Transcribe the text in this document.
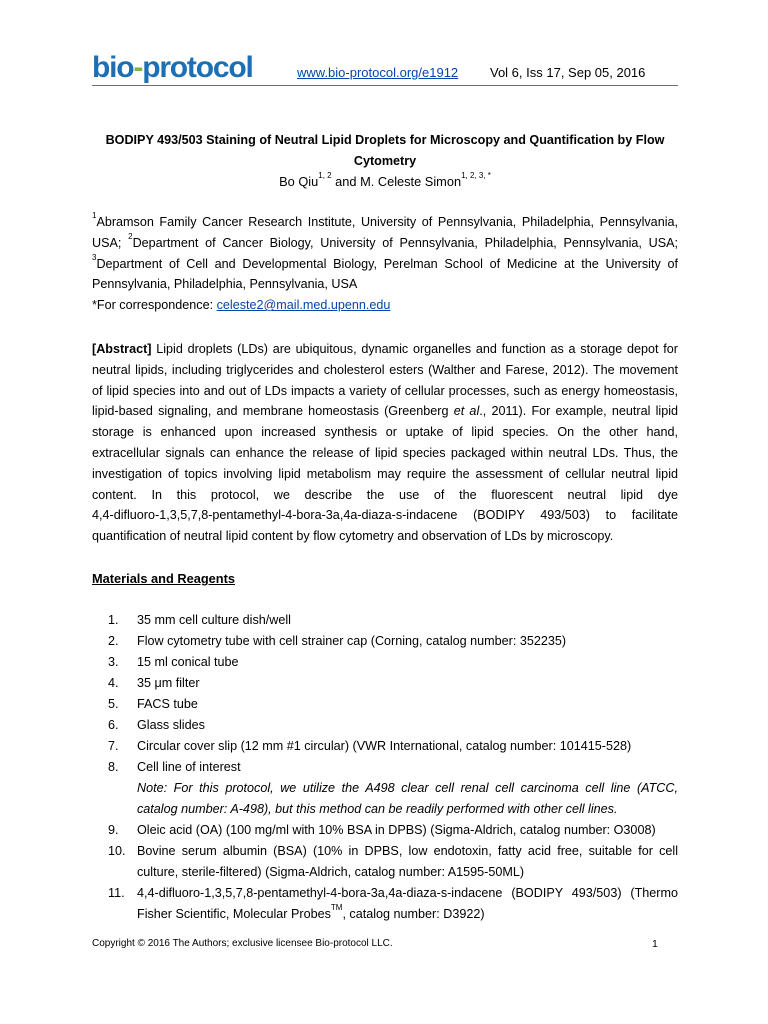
bio-protocol	www.bio-protocol.org/e1912 Vol 6, Iss 17, Sep 05, 2016
BODIPY 493/503 Staining of Neutral Lipid Droplets for Microscopy and Quantification by Flow
Cytometry
Bo Qiu$^{1, 2}$ and M. Celeste Simon$^{1, 2, 3, *}$
$^1$Abramson Family Cancer Research Institute, University of Pennsylvania, Philadelphia, Pennsylvania,
USA; $^2$Department of Cancer Biology, University of Pennsylvania, Philadelphia, Pennsylvania, USA;
$^3$Department of Cell and Developmental Biology, Perelman School of Medicine at the University of
Pennsylvania, Philadelphia, Pennsylvania, USA
*For correspondence: celeste2@mail.med.upenn.edu
[Abstract] Lipid droplets (LDs) are ubiquitous, dynamic organelles and function as a storage depot for
neutral lipids, including triglycerides and cholesterol esters (Walther and Farese, 2012). The movement
of lipid species into and out of LDs impacts a variety of cellular processes, such as energy homeostasis,
lipid-based signaling, and membrane homeostasis (Greenberg et al., 2011). For example, neutral lipid
storage is enhanced upon increased synthesis or uptake of lipid species. On the other hand,
extracellular signals can enhance the release of lipid species packaged within neutral LDs. Thus, the
investigation of topics involving lipid metabolism may require the assessment of cellular neutral lipid
content. In this protocol, we describe the use of the fluorescent neutral lipid dye
4,4-difluoro-1,3,5,7,8-pentamethyl-4-bora-3a,4a-diaza-s-indacene (BODIPY 493/503) to facilitate
quantification of neutral lipid content by flow cytometry and observation of LDs by microscopy.
Materials and Reagents
1.	35 mm cell culture dish/well
2.	Flow cytometry tube with cell strainer cap (Corning, catalog number: 352235)
3.	15 ml conical tube
4.	35 μm filter
5.	FACS tube
6.	Glass slides
7.	Circular cover slip (12 mm #1 circular) (VWR International, catalog number: 101415-528)
8.	Cell line of interest
Note: For this protocol, we utilize the A498 clear cell renal cell carcinoma cell line (ATCC,
catalog number: A-498), but this method can be readily performed with other cell lines.
9.	Oleic acid (OA) (100 mg/ml with 10% BSA in DPBS) (Sigma-Aldrich, catalog number: O3008)
10. Bovine serum albumin (BSA) (10% in DPBS, low endotoxin, fatty acid free, suitable for cell
culture, sterile-filtered) (Sigma-Aldrich, catalog number: A1595-50ML)
11. 4,4-difluoro-1,3,5,7,8-pentamethyl-4-bora-3a,4a-diaza-s-indacene (BODIPY 493/503) (Thermo
Fisher Scientific, Molecular Probes™, catalog number: D3922)
Copyright © 2016 The Authors; exclusive licensee Bio-protocol LLC.	1
